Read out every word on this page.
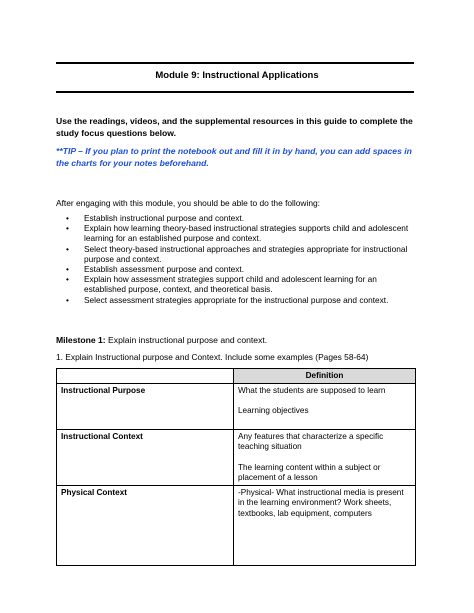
Module 9: Instructional Applications
Use the readings, videos, and the supplemental resources in this guide to complete the study focus questions below.
**TIP – If you plan to print the notebook out and fill it in by hand, you can add spaces in the charts for your notes beforehand.
After engaging with this module, you should be able to do the following:
• Establish instructional purpose and context.
• Explain how learning theory-based instructional strategies supports child and adolescent learning for an established purpose and context.
• Select theory-based instructional approaches and strategies appropriate for instructional purpose and context.
• Establish assessment purpose and context.
• Explain how assessment strategies support child and adolescent learning for an established purpose, context, and theoretical basis.
• Select assessment strategies appropriate for the instructional purpose and context.
Milestone 1: Explain instructional purpose and context.
1. Explain Instructional purpose and Context. Include some examples (Pages 58-64)
	Definition
Instructional Purpose	What the students are supposed to learn
Learning objectives

Instructional Context	Any features that characterize a specific teaching situation
The learning content within a subject or placement of a lesson

Physical Context	-Physical- What instructional media is present in the learning environment? Work sheets, textbooks, lab equipment, computers
